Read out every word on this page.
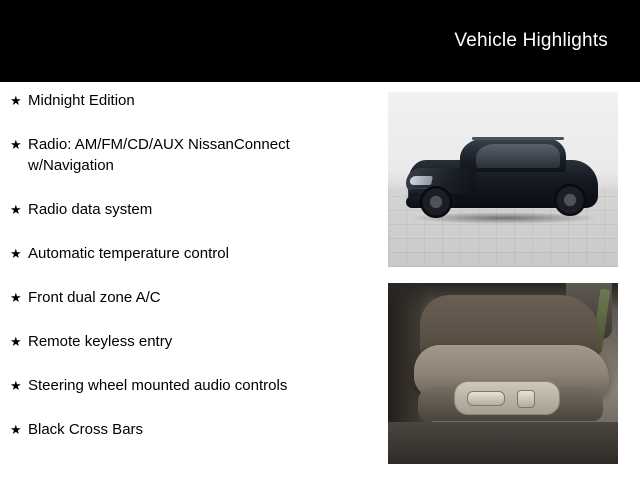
Vehicle Highlights
★ Midnight Edition
★ Radio: AM/FM/CD/AUX NissanConnect w/Navigation
★ Radio data system
★ Automatic temperature control
★ Front dual zone A/C
★ Remote keyless entry
★ Steering wheel mounted audio controls
★ Black Cross Bars
